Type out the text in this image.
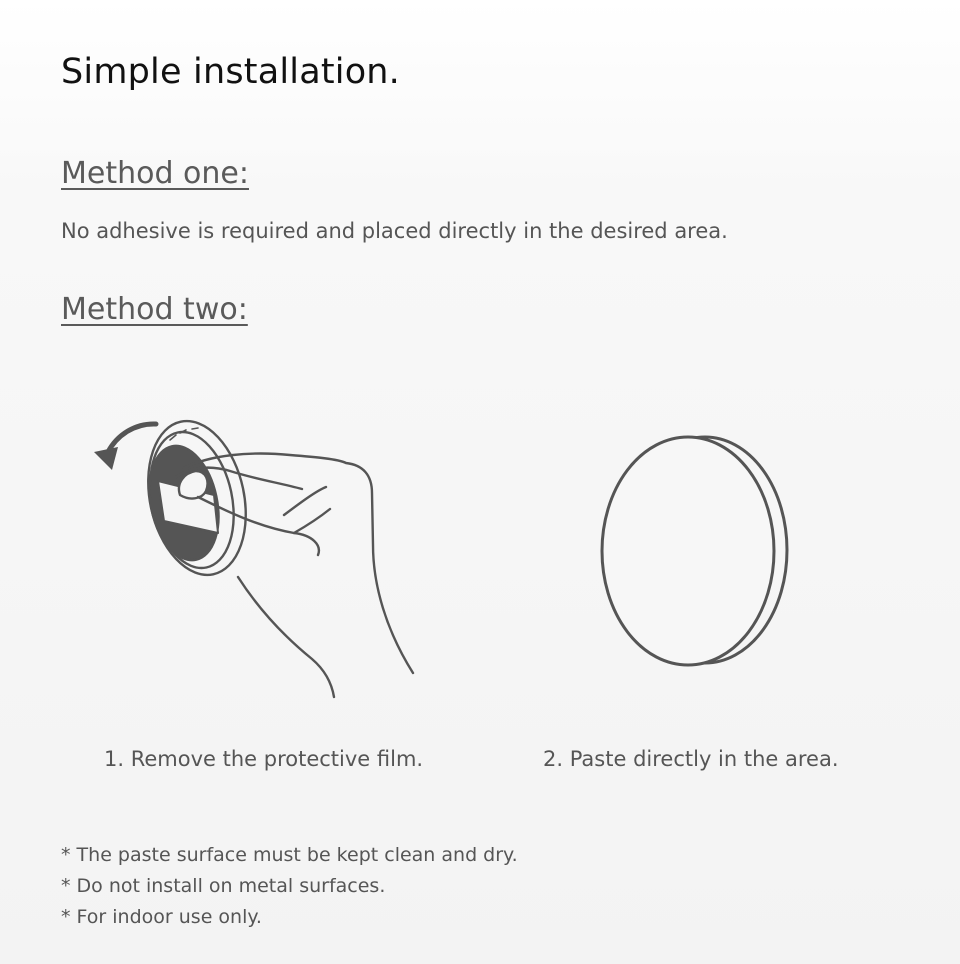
Simple installation.
Method one:

No adhesive is required and placed directly in the desired area.

Method two:

1. Remove the protective film.	2. Paste directly in the area.

* The paste surface must be kept clean and dry.
* Do not install on metal surfaces.
* For indoor use only.
